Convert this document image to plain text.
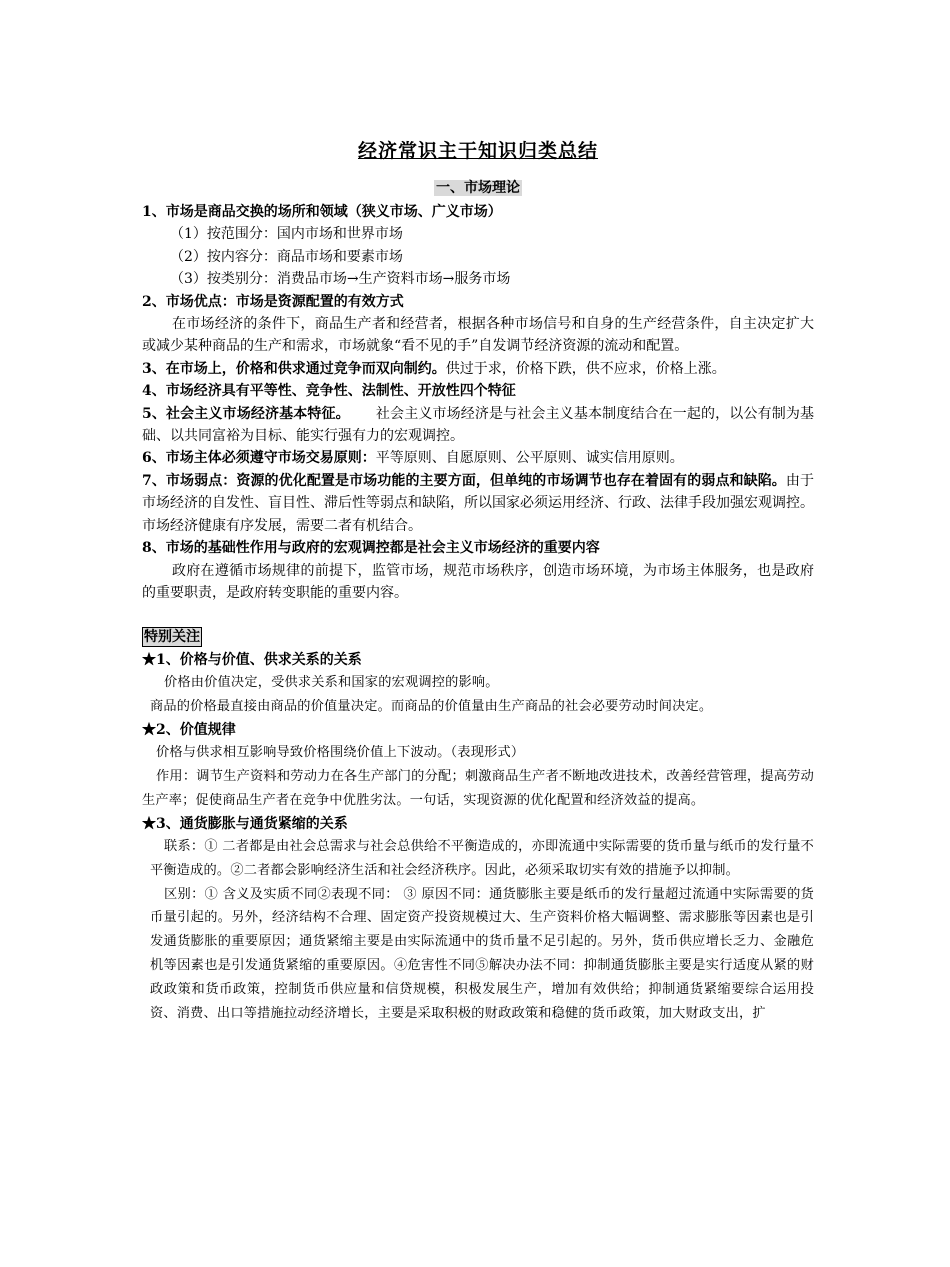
经济常识主干知识归类总结
一、市场理论

1、市场是商品交换的场所和领域（狭义市场、广义市场）

（1）按范围分：国内市场和世界市场

（2）按内容分：商品市场和要素市场

（3）按类别分：消费品市场→生产资料市场→服务市场

2、市场优点：市场是资源配置的有效方式

在市场经济的条件下，商品生产者和经营者，根据各种市场信号和自身的生产经营条件，自主决定扩大或减少某种商品的生产和需求，市场就象“看不见的手”自发调节经济资源的流动和配置。

3、在市场上，价格和供求通过竞争而双向制约。供过于求，价格下跌，供不应求，价格上涨。

4、市场经济具有平等性、竞争性、法制性、开放性四个特征

5、社会主义市场经济基本特征。 社会主义市场经济是与社会主义基本制度结合在一起的，以公有制为基础、以共同富裕为目标、能实行强有力的宏观调控。

6、市场主体必须遵守市场交易原则：平等原则、自愿原则、公平原则、诚实信用原则。

7、市场弱点：资源的优化配置是市场功能的主要方面，但单纯的市场调节也存在着固有的弱点和缺陷。由于市场经济的自发性、盲目性、滞后性等弱点和缺陷，所以国家必须运用经济、行政、法律手段加强宏观调控。市场经济健康有序发展，需要二者有机结合。

8、市场的基础性作用与政府的宏观调控都是社会主义市场经济的重要内容

政府在遵循市场规律的前提下，监管市场，规范市场秩序，创造市场环境，为市场主体服务，也是政府的重要职责，是政府转变职能的重要内容。

特别关注

★1、价格与价值、供求关系的关系

价格由价值决定，受供求关系和国家的宏观调控的影响。

商品的价格最直接由商品的价值量决定。而商品的价值量由生产商品的社会必要劳动时间决定。

★2、价值规律

价格与供求相互影响导致价格围绕价值上下波动。（表现形式）

作用：调节生产资料和劳动力在各生产部门的分配；刺激商品生产者不断地改进技术，改善经营管理，提高劳动生产率；促使商品生产者在竞争中优胜劣汰。一句话，实现资源的优化配置和经济效益的提高。

★3、通货膨胀与通货紧缩的关系

联系：① 二者都是由社会总需求与社会总供给不平衡造成的，亦即流通中实际需要的货币量与纸币的发行量不平衡造成的。②二者都会影响经济生活和社会经济秩序。因此，必须采取切实有效的措施予以抑制。

区别：① 含义及实质不同②表现不同： ③ 原因不同：通货膨胀主要是纸币的发行量超过流通中实际需要的货币量引起的。另外，经济结构不合理、固定资产投资规模过大、生产资料价格大幅调整、需求膨胀等因素也是引发通货膨胀的重要原因；通货紧缩主要是由实际流通中的货币量不足引起的。另外，货币供应增长乏力、金融危机等因素也是引发通货紧缩的重要原因。④危害性不同⑤解决办法不同：抑制通货膨胀主要是实行适度从紧的财政政策和货币政策，控制货币供应量和信贷规模，积极发展生产，增加有效供给；抑制通货紧缩要综合运用投资、消费、出口等措施拉动经济增长，主要是采取积极的财政政策和稳健的货币政策，加大财政支出，扩
